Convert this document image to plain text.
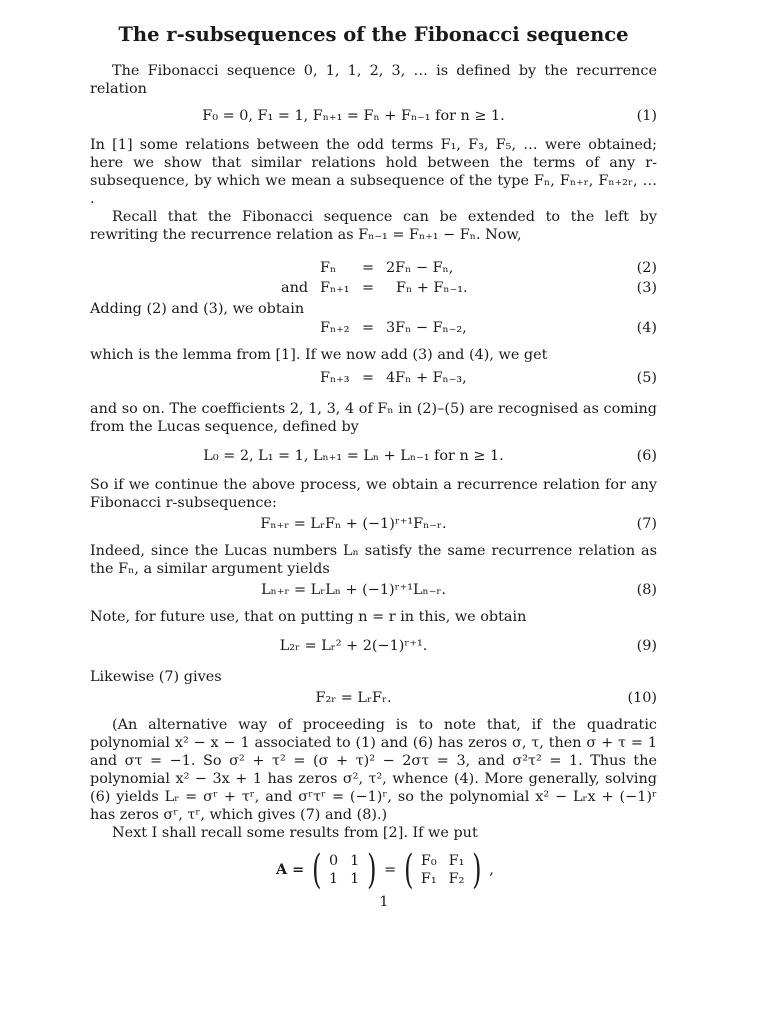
The r-subsequences of the Fibonacci sequence

The Fibonacci sequence 0, 1, 1, 2, 3, … is defined by the recurrence relation

F₀ = 0, F₁ = 1, Fₙ₊₁ = Fₙ + Fₙ₋₁ for n ≥ 1.	(1)

In [1] some relations between the odd terms F₁, F₃, F₅, … were obtained; here we show that similar relations hold between the terms of any r-subsequence, by which we mean a subsequence of the type Fₙ, Fₙ₊ᵣ, Fₙ₊₂ᵣ, … .

Recall that the Fibonacci sequence can be extended to the left by rewriting the recurrence relation as Fₙ₋₁ = Fₙ₊₁ − Fₙ. Now,

Fₙ = 2Fₙ − Fₙ,	(2)
and Fₙ₊₁ = Fₙ + Fₙ₋₁.	(3)

Adding (2) and (3), we obtain

Fₙ₊₂ = 3Fₙ − Fₙ₋₂,	(4)

which is the lemma from [1]. If we now add (3) and (4), we get

Fₙ₊₃ = 4Fₙ + Fₙ₋₃,	(5)

and so on. The coefficients 2, 1, 3, 4 of Fₙ in (2)–(5) are recognised as coming from the Lucas sequence, defined by

L₀ = 2, L₁ = 1, Lₙ₊₁ = Lₙ + Lₙ₋₁ for n ≥ 1.	(6)

So if we continue the above process, we obtain a recurrence relation for any Fibonacci r-subsequence:

Fₙ₊ᵣ = LᵣFₙ + (−1)ʳ⁺¹Fₙ₋ᵣ.	(7)

Indeed, since the Lucas numbers Lₙ satisfy the same recurrence relation as the Fₙ, a similar argument yields

Lₙ₊ᵣ = LᵣLₙ + (−1)ʳ⁺¹Lₙ₋ᵣ.	(8)

Note, for future use, that on putting n = r in this, we obtain

L₂ᵣ = Lᵣ² + 2(−1)ʳ⁺¹.	(9)

Likewise (7) gives

F₂ᵣ = LᵣFᵣ.	(10)

(An alternative way of proceeding is to note that, if the quadratic polynomial x² − x − 1 associated to (1) and (6) has zeros σ, τ, then σ + τ = 1 and στ = −1. So σ² + τ² = (σ + τ)² − 2στ = 3, and σ²τ² = 1. Thus the polynomial x² − 3x + 1 has zeros σ², τ², whence (4). More generally, solving (6) yields Lᵣ = σʳ + τʳ, and σʳτʳ = (−1)ʳ, so the polynomial x² − Lᵣx + (−1)ʳ has zeros σʳ, τʳ, which gives (7) and (8).)

Next I shall recall some results from [2]. If we put

A = ( 0 1
1 1 ) = ( F₀ F₁
F₁ F₂ ) ,
1
